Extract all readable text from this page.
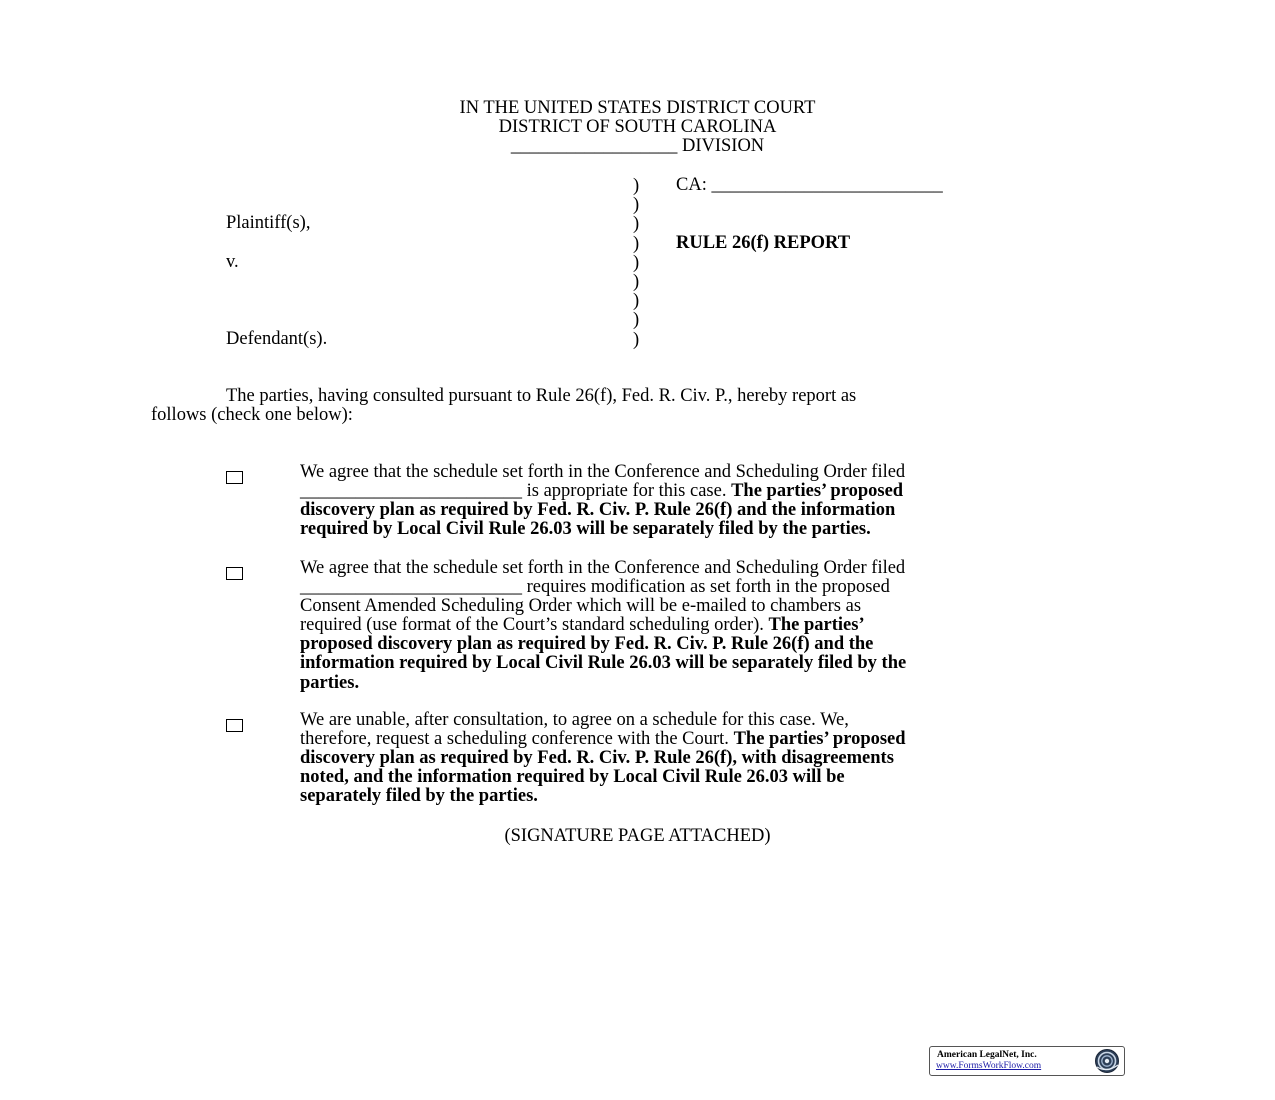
IN THE UNITED STATES DISTRICT COURT
DISTRICT OF SOUTH CAROLINA
__________________ DIVISION
Plaintiff(s),
v.
Defendant(s).
)
)
)
)
)
)
)
)
)
CA: _________________________
RULE 26(f) REPORT
The parties, having consulted pursuant to Rule 26(f), Fed. R. Civ. P., hereby report as
follows (check one below):
We agree that the schedule set forth in the Conference and Scheduling Order filed
________________________ is appropriate for this case. The parties’ proposed
discovery plan as required by Fed. R. Civ. P. Rule 26(f) and the information
required by Local Civil Rule 26.03 will be separately filed by the parties.
We agree that the schedule set forth in the Conference and Scheduling Order filed
________________________ requires modification as set forth in the proposed
Consent Amended Scheduling Order which will be e-mailed to chambers as
required (use format of the Court’s standard scheduling order). The parties’
proposed discovery plan as required by Fed. R. Civ. P. Rule 26(f) and the
information required by Local Civil Rule 26.03 will be separately filed by the
parties.
We are unable, after consultation, to agree on a schedule for this case. We,
therefore, request a scheduling conference with the Court. The parties’ proposed
discovery plan as required by Fed. R. Civ. P. Rule 26(f), with disagreements
noted, and the information required by Local Civil Rule 26.03 will be
separately filed by the parties.
(SIGNATURE PAGE ATTACHED)
American LegalNet, Inc.
www.FormsWorkFlow.com
